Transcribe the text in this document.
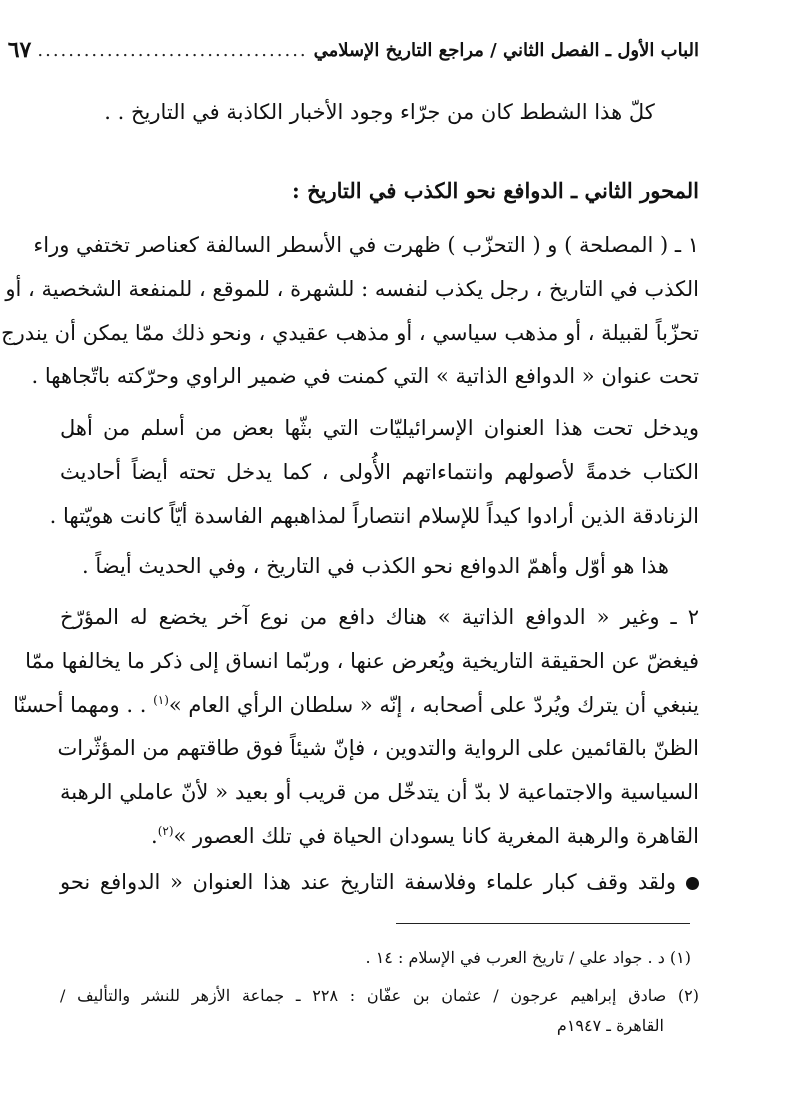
الباب الأول ـ الفصل الثاني / مراجع التاريخ الإسلامي
...................................
٦٧
كلّ هذا الشطط كان من جرّاء وجود الأخبار الكاذبة في التاريخ . .
المحور الثاني ـ الدوافع نحو الكذب في التاريخ :
١ ـ ( المصلحة ) و ( التحزّب ) ظهرت في الأسطر السالفة كعناصر تختفي وراء
الكذب في التاريخ ، رجل يكذب لنفسه : للشهرة ، للموقع ، للمنفعة الشخصية ، أو
تحزّباً لقبيلة ، أو مذهب سياسي ، أو مذهب عقيدي ، ونحو ذلك ممّا يمكن أن يندرج
تحت عنوان « الدوافع الذاتية » التي كمنت في ضمير الراوي وحرّكته باتّجاهها .
ويدخل تحت هذا العنوان الإسرائيليّات التي بثّها بعض من أسلم من أهل
الكتاب خدمةً لأصولهم وانتماءاتهم الأُولى ، كما يدخل تحته أيضاً أحاديث
الزنادقة الذين أرادوا كيداً للإسلام انتصاراً لمذاهبهم الفاسدة أيّاً كانت هويّتها .
هذا هو أوّل وأهمّ الدوافع نحو الكذب في التاريخ ، وفي الحديث أيضاً .
٢ ـ وغير « الدوافع الذاتية » هناك دافع من نوع آخر يخضع له المؤرّخ
فيغضّ عن الحقيقة التاريخية ويُعرض عنها ، وربّما انساق إلى ذكر ما يخالفها ممّا
ينبغي أن يترك ويُردّ على أصحابه ، إنّه « سلطان الرأي العام »$^{(١)}$ . . ومهما أحسنّا
الظنّ بالقائمين على الرواية والتدوين ، فإنّ شيئاً فوق طاقتهم من المؤثّرات
السياسية والاجتماعية لا بدّ أن يتدخّل من قريب أو بعيد « لأنّ عاملي الرهبة
القاهرة والرهبة المغرية كانا يسودان الحياة في تلك العصور »$^{(٢)}$.
ولقد وقف كبار علماء وفلاسفة التاريخ عند هذا العنوان « الدوافع نحو
(١) د . جواد علي / تاريخ العرب في الإسلام : ١٤ .
(٢) صادق إبراهيم عرجون / عثمان بن عفّان : ٢٢٨ ـ جماعة الأزهر للنشر والتأليف /
القاهرة ـ ١٩٤٧م
